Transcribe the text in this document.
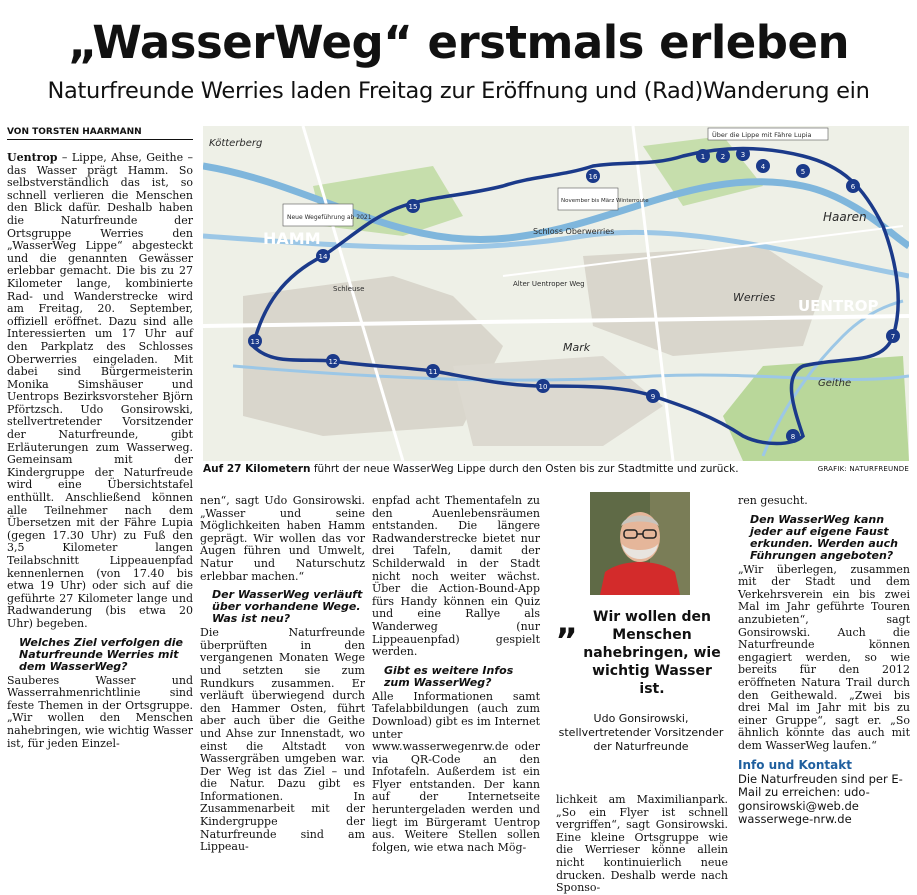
„WasserWeg“ erstmals erleben
Naturfreunde Werries laden Freitag zur Eröffnung und (Rad)Wanderung ein
VON TORSTEN HAARMANN

Uentrop – Lippe, Ahse, Geithe – das Wasser prägt Hamm. So selbstverständlich das ist, so schnell verlieren die Menschen den Blick dafür. Deshalb haben die Naturfreunde der Ortsgruppe Werries den „WasserWeg Lippe“ abgesteckt und die genannten Gewässer erlebbar gemacht. Die bis zu 27 Kilometer lange, kombinierte Rad- und Wanderstrecke wird am Freitag, 20. September, offiziell eröffnet. Dazu sind alle Interessierten um 17 Uhr auf den Parkplatz des Schlosses Oberwerries eingeladen. Mit dabei sind Bürgermeisterin Monika Simshäuser und Uentrops Bezirksvorsteher Björn Pförtzsch. Udo Gonsirowski, stellvertretender Vorsitzender der Naturfreunde, gibt Erläuterungen zum Wasserweg. Gemeinsam mit der Kindergruppe der Naturfreude wird eine Übersichtstafel enthüllt. Anschließend können alle Teilnehmer nach dem Übersetzen mit der Fähre Lupia (gegen 17.30 Uhr) zu Fuß den 3,5 Kilometer langen Teilabschnitt Lippeauenpfad kennenlernen (von 17.40 bis etwa 19 Uhr) oder sich auf die geführte 27 Kilometer lange und Radwanderung (bis etwa 20 Uhr) begeben.

Welches Ziel verfolgen die Naturfreunde Werries mit dem WasserWeg?

Sauberes Wasser und Wasserrahmenrichtlinie sind feste Themen in der Ortsgruppe. „Wir wollen den Menschen nahebringen, wie wichtig Wasser ist, für jeden Einzel-

Kötterberg
Haaren
Werries UENTROP
Mark
Geithe
HAMM	Schloss Oberwerries
Alter Uentroper Weg
Schleuse
Neue Wegeführung ab 2021
November bis März Winterroute
Über die Lippe mit Fähre Lupia
1 2 3
4
5
6
7
8
9
10
11
12
13
14
15
16
Auf 27 Kilometern führt der neue WasserWeg Lippe durch den Osten bis zur Stadtmitte und zurück.	GRAFIK: NATURFREUNDE

nen“, sagt Udo Gonsirowski. „Wasser und seine Möglichkeiten haben Hamm geprägt. Wir wollen das vor Augen führen und Umwelt, Natur und Naturschutz erlebbar machen.“

Der WasserWeg verläuft über vorhandene Wege. Was ist neu?

Die Naturfreunde überprüften in den vergangenen Monaten Wege und setzten sie zum Rundkurs zusammen. Er verläuft überwiegend durch den Hammer Osten, führt aber auch über die Geithe und Ahse zur Innenstadt, wo einst die Altstadt von Wassergräben umgeben war. Der Weg ist das Ziel – und die Natur. Dazu gibt es Informationen. In Zusammenarbeit mit der Kindergruppe der Naturfreunde sind am Lippeau-

enpfad acht Thementafeln zu den Auenlebensräumen entstanden. Die längere Radwanderstrecke bietet nur drei Tafeln, damit der Schilderwald in der Stadt nicht noch weiter wächst. Über die Action-Bound-App fürs Handy können ein Quiz und eine Rallye als Wanderweg (nur Lippeauenpfad) gespielt werden.

Gibt es weitere Infos zum WasserWeg?

Alle Informationen samt Tafelabbildungen (auch zum Download) gibt es im Internet unter www.wasserwegenrw.de oder via QR-Code an den Infotafeln. Außerdem ist ein Flyer entstanden. Der kann auf der Internetseite heruntergeladen werden und liegt im Bürgeramt Uentrop aus. Weitere Stellen sollen folgen, wie etwa nach Mög-

„	Wir wollen den Menschen nahebringen, wie wichtig Wasser ist.
Udo Gonsirowski, stellvertretender Vorsitzender der Naturfreunde

lichkeit am Maximilianpark. „So ein Flyer ist schnell vergriffen“, sagt Gonsirowski. Eine kleine Ortsgruppe wie die Werrieser könne allein nicht kontinuierlich neue drucken. Deshalb werde nach Sponso-

ren gesucht.

Den WasserWeg kann jeder auf eigene Faust erkunden. Werden auch Führungen angeboten?

„Wir überlegen, zusammen mit der Stadt und dem Verkehrsverein ein bis zwei Mal im Jahr geführte Touren anzubieten“, sagt Gonsirowski. Auch die Naturfreunde können engagiert werden, so wie bereits für den 2012 eröffneten Natura Trail durch den Geithewald. „Zwei bis drei Mal im Jahr mit bis zu einer Gruppe“, sagt er. „So ähnlich könnte das auch mit dem WasserWeg laufen.“

Info und Kontakt

Die Naturfreuden sind per E-Mail zu erreichen: udo-gonsirowski@web.de wasserwege-nrw.de
